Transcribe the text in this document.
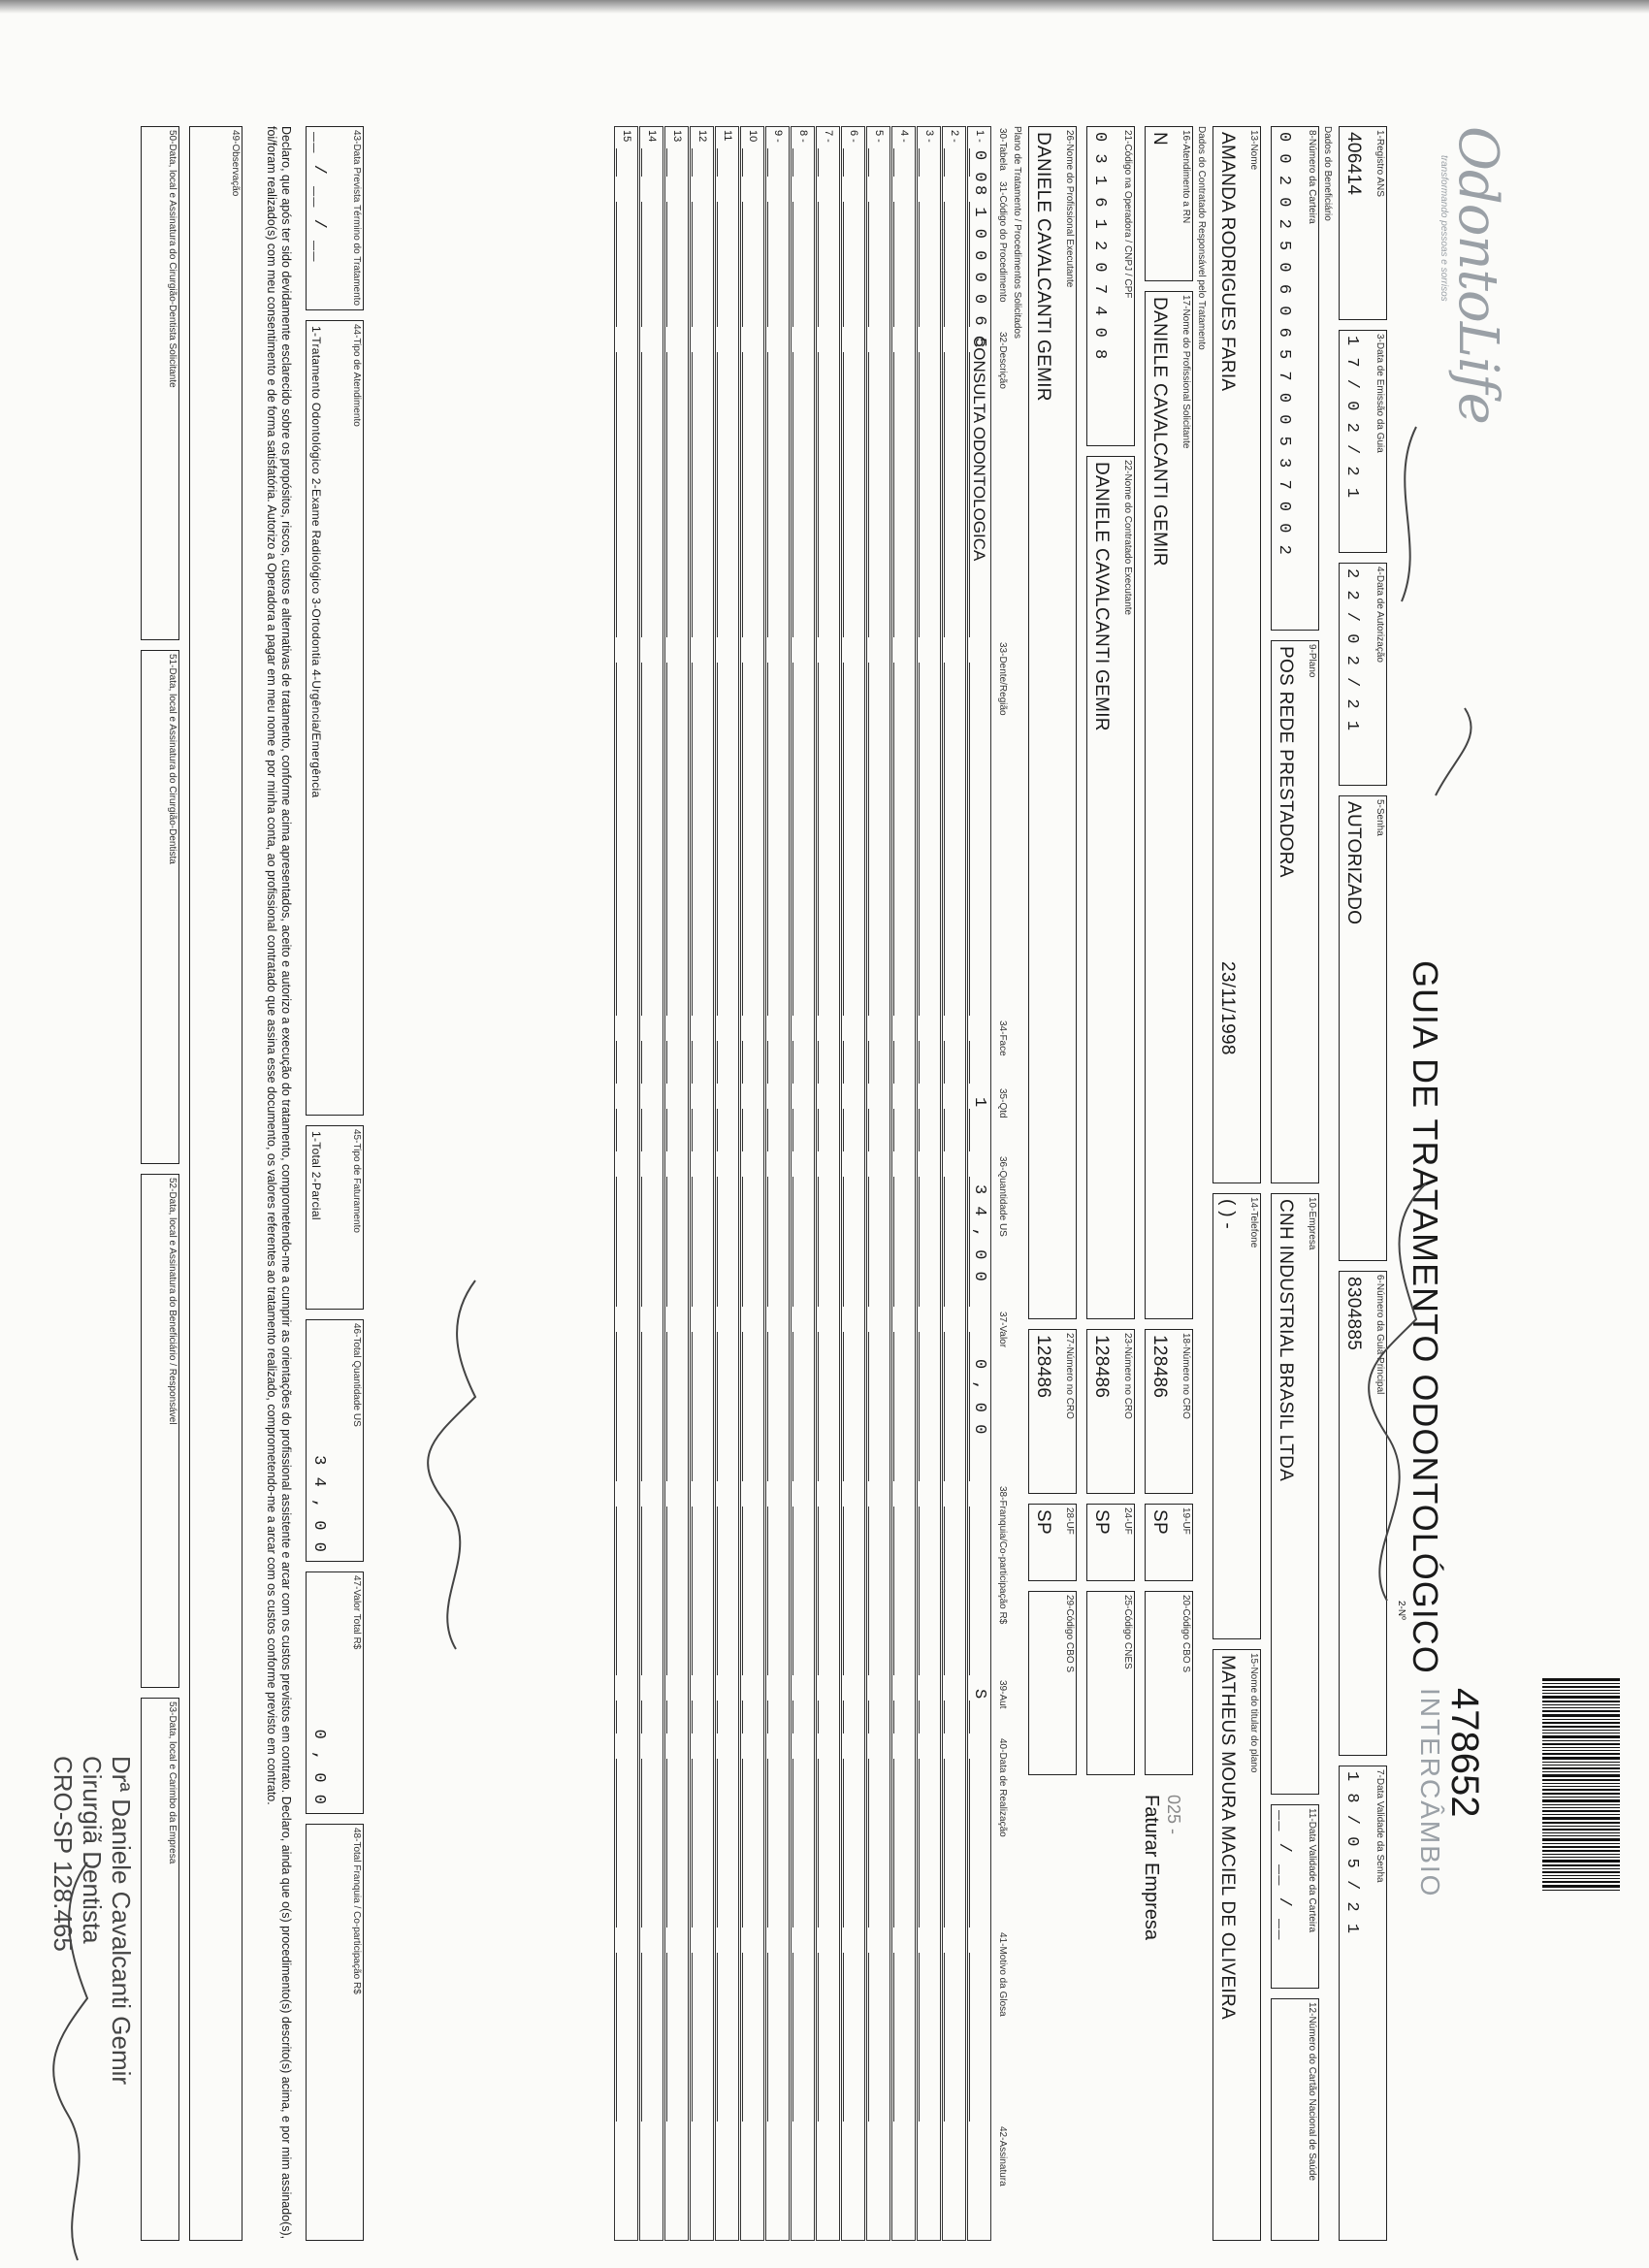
OdontoLife
transformando pessoas e sorrisos
GUIA DE TRATAMENTO ODONTOLÓGICO
2-Nº
478652
INTERCÂMBIO
1-Registro ANS
406414
3-Data de Emissão da Guia
1 7 / 0 2 / 2 1
4-Data de Autorização
2 2 / 0 2 / 2 1
5-Senha
AUTORIZADO
6-Número da Guia Principal
8304885
7-Data Validade da Senha
1 8 / 0 5 / 2 1
Dados do Beneficiário
8-Número da Carteira
0 0 2 0 2 5 0 6 0 6 5 7 0 0 5 3 7 0 0 2
9-Plano
POS REDE PRESTADORA
10-Empresa
CNH INDUSTRIAL BRASIL LTDA
11-Data Validade da Carteira
__ / __ / __
12-Número do Cartão Nacional de Saúde
13-Nome
AMANDA RODRIGUES FARIA
23/11/1998
14-Telefone
( ) -
15-Nome do titular do plano
MATHEUS MOURA MACIEL DE OLIVEIRA
Dados do Contratado Responsável pelo Tratamento
16-Atendimento a RN
N
17-Nome do Profissional Solicitante
DANIELE CAVALCANTI GEMIR
18-Número no CRO
128486
19-UF
SP
20-Código CBO S
025 -
Faturar Empresa
21-Código na Operadora / CNPJ / CPF
0 3 1 6 1 2 0 7 4 0 8
22-Nome do Contratado Executante
DANIELE CAVALCANTI GEMIR
23-Número no CRO
128486
24-UF
SP
25-Código CNES
26-Nome do Profissional Executante
DANIELE CAVALCANTI GEMIR
27-Número no CRO
128486
28-UF
SP
29-Código CBO S
Plano de Tratamento / Procedimentos Solicitados
30-Tabela
31-Código do Procedimento
32-Descrição
33-Dente/Região
34-Face
35-Qtd
36-Quantidade US
37-Valor
38-Franquia/Co-participação R$
39-Aut
40-Data de Realização
41-Motivo da Glosa
42-Assinatura
1 -
0 0
8 1 0 0 0 0 6 5
CONSULTA ODONTOLOGICA
1
3 4 , 0 0
0 , 0 0
S
2 -
3 -
4 -
5 -
6 -
7 -
8 -
9 -
10
11
12
13
14
15
43-Data Prevista Término do Tratamento
__ / __ / __
44-Tipo de Atendimento
1-Tratamento Odontológico 2-Exame Radiológico 3-Ortodontia 4-Urgência/Emergência
45-Tipo de Faturamento
1-Total 2-Parcial
46-Total Quantidade US
3 4 , 0 0
47-Valor Total R$
0 , 0 0
48-Total Franquia / Co-participação R$
Declaro, que após ter sido devidamente esclarecido sobre os propósitos, riscos, custos e alternativas de tratamento, conforme acima apresentados, aceito e autorizo a execução do tratamento, comprometendo-me a cumprir as orientações do profissional assistente e arcar com os custos previstos em contrato. Declaro, ainda que o(s) procedimento(s) descrito(s) acima, e por mim assinado(s), foi/foram realizado(s) com meu consentimento e de forma satisfatória. Autorizo a Operadora a pagar em meu nome e por minha conta, ao profissional contratado que assina esse documento, os valores referentes ao tratamento realizado, comprometendo-me a arcar com os custos conforme previsto em contrato.
49-Observação
50-Data, local e Assinatura do Cirurgião-Dentista Solicitante
51-Data, local e Assinatura do Cirurgião-Dentista
52-Data, local e Assinatura do Beneficiário / Responsável
53-Data, local e Carimbo da Empresa
Drª Daniele Cavalcanti Gemir
Cirurgiã Dentista
CRO-SP 128.465
